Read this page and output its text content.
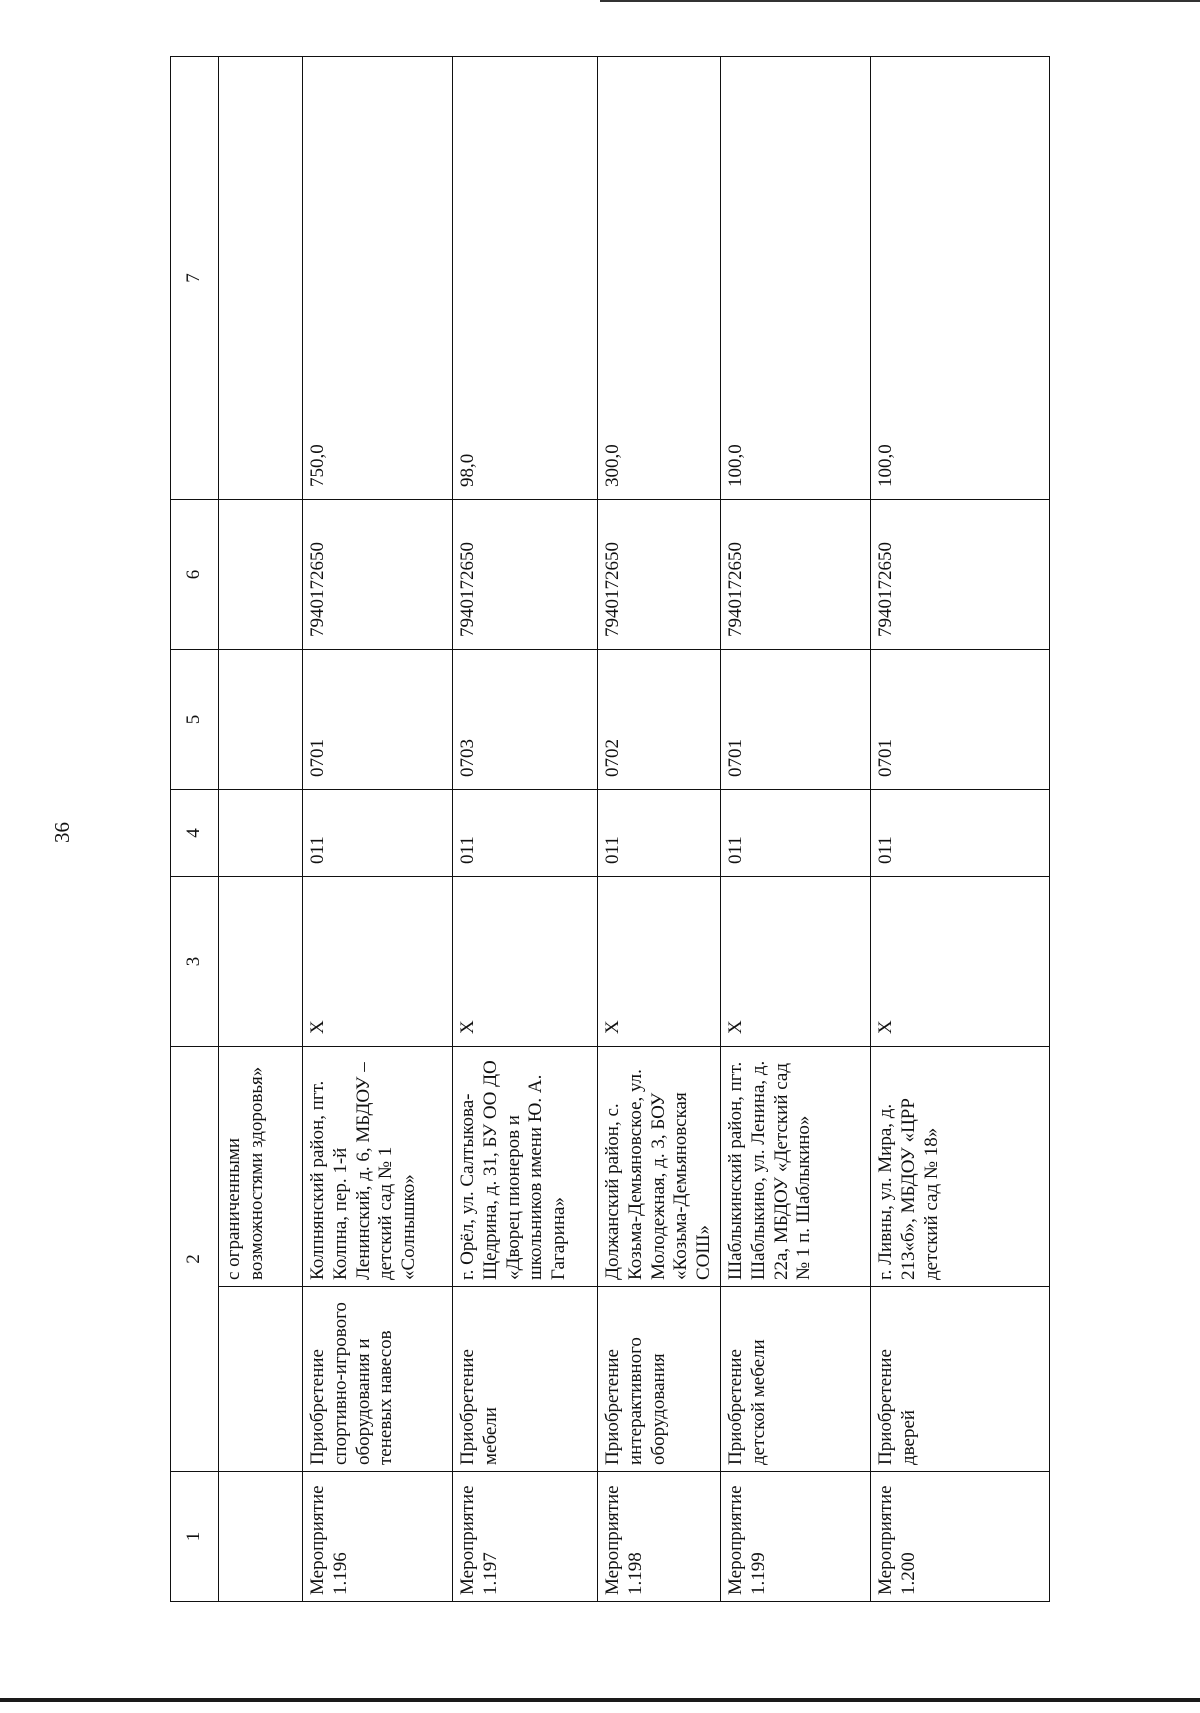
36
1	2		3	4	5	6	7
		с ограниченными возможностями здоровья»					
Мероприятие 1.196	Приобретение спортивно-игрового оборудования и теневых навесов	Колпнянский район, пгт. Колпна, пер. 1-й Ленинский, д. 6, МБДОУ – детский сад № 1 «Солнышко»	Х	011	0701	7940172650	750,0
Мероприятие 1.197	Приобретение мебели	г. Орёл, ул. Салтыкова-Щедрина, д. 31, БУ ОО ДО «Дворец пионеров и школьников имени Ю. А. Гагарина»	Х	011	0703	7940172650	98,0
Мероприятие 1.198	Приобретение интерактивного оборудования	Должанский район, с. Козьма-Демьяновское, ул. Молодежная, д. 3, БОУ «Козьма-Демьяновская СОШ»	Х	011	0702	7940172650	300,0
Мероприятие 1.199	Приобретение детской мебели	Шаблыкинский район, пгт. Шаблыкино, ул. Ленина, д. 22а, МБДОУ «Детский сад № 1 п. Шаблыкино»	Х	011	0701	7940172650	100,0
Мероприятие 1.200	Приобретение дверей	г. Ливны, ул. Мира, д. 213«б», МБДОУ «ЦРР детский сад № 18»	Х	011	0701	7940172650	100,0
